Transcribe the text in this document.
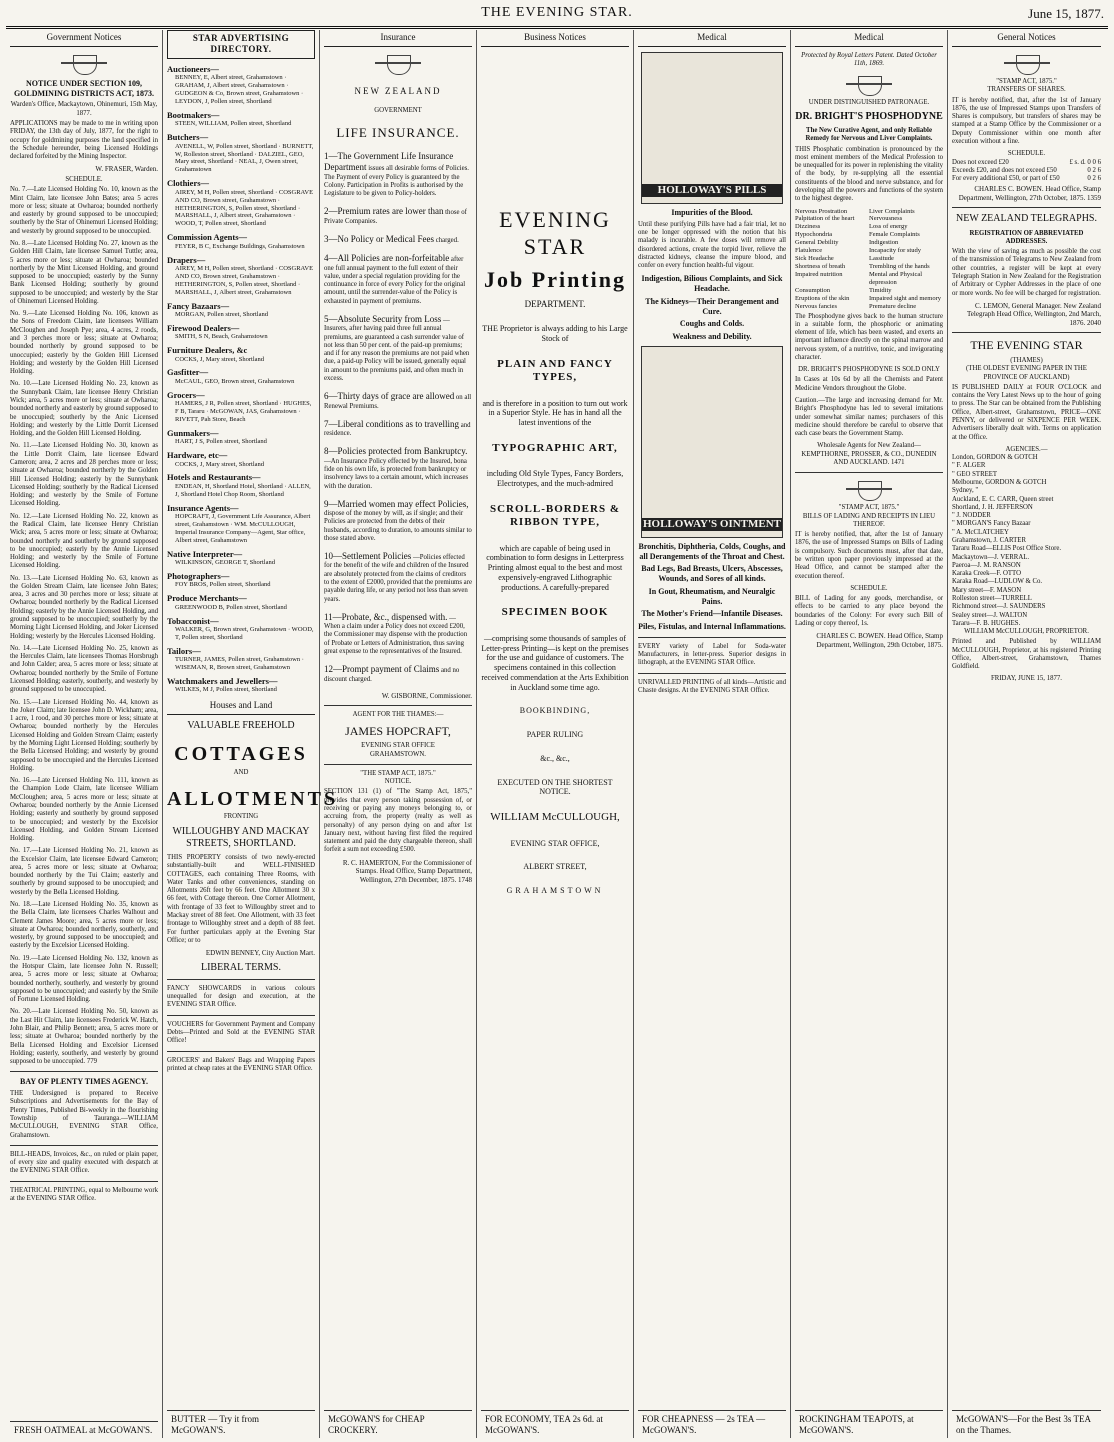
THE EVENING STAR.	June 15, 1877.
Government Notices
NOTICE UNDER SECTION 109, GOLDMINING DISTRICTS ACT, 1873.
Warden's Office, Mackaytown, Ohinemuri, 15th May, 1877.
APPLICATIONS may be made to me in writing upon FRIDAY, the 13th day of July, 1877, for the right to occupy for goldmining purposes the land specified in the Schedule hereunder, being Licensed Holdings declared forfeited by the Mining Inspector.
W. FRASER, Warden.
SCHEDULE.
No. 7.—Late Licensed Holding No. 10, known as the Mint Claim, late licensee John Bates; area 5 acres more or less; situate at Owharoa; bounded northerly and easterly by ground supposed to be unoccupied; southerly by the Star of Ohinemuri Licensed Holding; and westerly by ground supposed to be unoccupied.
No. 8.—Late Licensed Holding No. 27, known as the Golden Hill Claim, late licensee Samuel Tuttle; area, 5 acres more or less; situate at Owharoa; bounded northerly by the Mint Licensed Holding, and ground supposed to be unoccupied; easterly by the Sunny Bank Licensed Holding; southerly by ground supposed to be unoccupied; and westerly by the Star of Ohinemuri Licensed Holding.
No. 9.—Late Licensed Holding No. 106, known as the Sons of Freedom Claim, late licensees William McCloughen and Joseph Pye; area, 4 acres, 2 roods, and 3 perches more or less; situate at Owharoa; bounded northerly by ground supposed to be unoccupied; easterly by the Golden Hill Licensed Holding; and westerly by the Golden Hill Licensed Holding.
No. 10.—Late Licensed Holding No. 23, known as the Sunnybank Claim, late licensee Henry Christian Wick; area, 5 acres more or less; situate at Owharoa; bounded northerly and easterly by ground supposed to be unoccupied; southerly by the Anic Licensed Holding; and westerly by the Little Dorrit Licensed Holding, and the Golden Hill Licensed Holding.
No. 11.—Late Licensed Holding No. 30, known as the Little Dorrit Claim, late licensee Edward Cameron; area, 2 acres and 28 perches more or less; situate at Owharoa; bounded northerly by the Golden Hill Licensed Holding; easterly by the Sunnybank Licensed Holding; southerly by the Radical Licensed Holding; and westerly by the Smile of Fortune Licensed Holding.
No. 12.—Late Licensed Holding No. 22, known as the Radical Claim, late licensee Henry Christian Wick; area, 5 acres more or less; situate at Owharoa; bounded northerly and southerly by ground supposed to be unoccupied; easterly by the Annie Licensed Holding; and westerly by the Smile of Fortune Licensed Holding.
No. 13.—Late Licensed Holding No. 63, known as the Golden Stream Claim, late licensee John Bates; area, 3 acres and 30 perches more or less; situate at Owharoa; bounded northerly by the Radical Licensed Holding; easterly by the Annie Licensed Holding, and ground supposed to be unoccupied; southerly by the Morning Light Licensed Holding, and Joker Licensed Holding; westerly by the Hercules Licensed Holding.
No. 14.—Late Licensed Holding No. 25, known as the Hercules Claim, late licensees Thomas Horsbrugh and John Calder; area, 5 acres more or less; situate at Owharoa; bounded northerly by the Smile of Fortune Licensed Holding; easterly, southerly, and westerly by ground supposed to be unoccupied.
No. 15.—Late Licensed Holding No. 44, known as the Joker Claim; late licensee John D. Wickham; area, 1 acre, 1 rood, and 30 perches more or less; situate at Owharoa; bounded northerly by the Hercules Licensed Holding and Golden Stream Claim; easterly by the Morning Light Licensed Holding; southerly by the Bella Licensed Holding; and westerly by ground supposed to be unoccupied and the Hercules Licensed Holding.
No. 16.—Late Licensed Holding No. 111, known as the Champion Lode Claim, late licensee William McCloughen; area, 5 acres more or less; situate at Owharoa; bounded northerly by the Annie Licensed Holding; easterly and southerly by ground supposed to be unoccupied; and westerly by the Excelsior Licensed Holding, and Golden Stream Licensed Holding.
No. 17.—Late Licensed Holding No. 21, known as the Excelsior Claim, late licensee Edward Cameron; area, 5 acres more or less; situate at Owharoa; bounded northerly by the Tui Claim; easterly and southerly by ground supposed to be unoccupied; and westerly by the Bella Licensed Holding.
No. 18.—Late Licensed Holding No. 35, known as the Bella Claim, late licensees Charles Walhout and Clement James Moore; area, 5 acres more or less; situate at Owharoa; bounded northerly, southerly, and westerly, by ground supposed to be unoccupied; and easterly by the Excelsior Licensed Holding.
No. 19.—Late Licensed Holding No. 132, known as the Hotspur Claim, late licensee John N. Russell; area, 5 acres more or less; situate at Owharoa; bounded northerly, southerly, and westerly by ground supposed to be unoccupied; and easterly by the Smile of Fortune Licensed Holding.
No. 20.—Late Licensed Holding No. 50, known as the Last Hit Claim, late licensees Frederick W. Hatch, John Blair, and Philip Bennett; area, 5 acres more or less; situate at Owharoa; bounded northerly by the Bella Licensed Holding and Excelsior Licensed Holding; easterly, southerly, and westerly by ground supposed to be unoccupied. 779
BAY OF PLENTY TIMES AGENCY.
THE Undersigned is prepared to Receive Subscriptions and Advertisements for the Bay of Plenty Times, Published Bi-weekly in the flourishing Township of Tauranga.—WILLIAM McCULLOUGH, EVENING STAR Office, Grahamstown.
BILL-HEADS, Invoices, &c., on ruled or plain paper, of every size and quality executed with despatch at the EVENING STAR Office.
THEATRICAL PRINTING, equal to Melbourne work at the EVENING STAR Office.
FRESH OATMEAL at McGOWAN'S.
STAR ADVERTISING DIRECTORY.
Auctioneers—
BENNEY, E, Albert street, Grahamstown · GRAHAM, J, Albert street, Grahamstown · GUDGEON & Co, Brown street, Grahamstown · LEYDON, J, Pollen street, Shortland
Bootmakers—
STEEN, WILLIAM, Pollen street, Shortland
Butchers—
AVENELL, W, Pollen street, Shortland · BURNETT, W, Rolleston street, Shortland · DALZIEL, GEO, Mary street, Shortland · NEAL, J, Owen street, Grahamstown
Clothiers—
AIREY, M H, Pollen street, Shortland · COSGRAVE AND CO, Brown street, Grahamstown · HETHERINGTON, S, Pollen street, Shortland · MARSHALL, J, Albert street, Grahamstown · WOOD, T, Pollen street, Shortland
Commission Agents—
FEYER, B C, Exchange Buildings, Grahamstown
Drapers—
AIREY, M H, Pollen street, Shortland · COSGRAVE AND CO, Brown street, Grahamstown · HETHERINGTON, S, Pollen street, Shortland · MARSHALL, J, Albert street, Grahamstown
Fancy Bazaars—
MORGAN, Pollen street, Shortland
Firewood Dealers—
SMITH, S N, Beach, Grahamstown
Furniture Dealers, &c
COCKS, J, Mary street, Shortland
Gasfitter—
McCAUL, GEO, Brown street, Grahamstown
Grocers—
HAMERS, J R, Pollen street, Shortland · HUGHES, F B, Tararu · McGOWAN, JAS, Grahamstown · RIVETT, Pah Store, Beach
Gunmakers—
HART, J S, Pollen street, Shortland
Hardware, etc—
COCKS, J, Mary street, Shortland
Hotels and Restaurants—
ENDEAN, H, Shortland Hotel, Shortland · ALLEN, J, Shortland Hotel Chop Room, Shortland
Insurance Agents—
HOPCRAFT, J, Government Life Assurance, Albert street, Grahamstown · WM. McCULLOUGH, Imperial Insurance Company—Agent, Star office, Albert street, Grahamstown
Native Interpreter—
WILKINSON, GEORGE T, Shortland
Photographers—
FOY BROS, Pollen street, Shortland
Produce Merchants—
GREENWOOD B, Pollen street, Shortland
Tobacconist—
WALKER, G, Brown street, Grahamstown · WOOD, T, Pollen street, Shortland
Tailors—
TURNER, JAMES, Pollen street, Grahamstown · WISEMAN, R, Brown street, Grahamstown
Watchmakers and Jewellers—
WILKES, M J, Pollen street, Shortland
Houses and Land
VALUABLE FREEHOLD
COTTAGES
AND
ALLOTMENTS
FRONTING
WILLOUGHBY AND MACKAY STREETS, SHORTLAND.
THIS PROPERTY consists of two newly-erected substantially-built and WELL-FINISHED COTTAGES, each containing Three Rooms, with Water Tanks and other conveniences, standing on Allotments 26ft feet by 66 feet. One Allotment 30 x 66 feet, with Cottage thereon. One Corner Allotment, with frontage of 33 feet to Willoughby street and to Mackay street of 88 feet. One Allotment, with 33 feet frontage to Willoughby street and a depth of 88 feet. For further particulars apply at the Evening Star Office; or to
EDWIN BENNEY, City Auction Mart.
LIBERAL TERMS.
FANCY SHOWCARDS in various colours unequalled for design and execution, at the EVENING STAR Office.
VOUCHERS for Government Payment and Company Debts—Printed and Sold at the EVENING STAR Office!
GROCERS' and Bakers' Bags and Wrapping Papers printed at cheap rates at the EVENING STAR Office.
BUTTER — Try it from McGOWAN'S.
Insurance
NEW ZEALAND
GOVERNMENT
LIFE INSURANCE.
1—The Government Life Insurance Department issues all desirable forms of Policies. The Payment of every Policy is guaranteed by the Colony. Participation in Profits is authorised by the Legislature to be given to Policy-holders.
2—Premium rates are lower than those of Private Companies.
3—No Policy or Medical Fees charged.
4—All Policies are non-forfeitable after one full annual payment to the full extent of their value, under a special regulation providing for the continuance in force of every Policy for the original amount, until the surrender-value of the Policy is exhausted in payment of premiums.
5—Absolute Security from Loss —Insurers, after having paid three full annual premiums, are guaranteed a cash surrender value of not less than 50 per cent. of the paid-up premiums; and if for any reason the premiums are not paid when due, a paid-up Policy will be issued, generally equal in amount to the premiums paid, and often much in excess.
6—Thirty days of grace are allowed on all Renewal Premiums.
7—Liberal conditions as to travelling and residence.
8—Policies protected from Bankruptcy. —An Insurance Policy effected by the Insured, bona fide on his own life, is protected from bankruptcy or insolvency laws to a certain amount, which increases with the duration.
9—Married women may effect Policies, dispose of the money by will, as if single; and their Policies are protected from the debts of their husbands, according to duration, to amounts similar to those stated above.
10—Settlement Policies —Policies effected for the benefit of the wife and children of the Insured are absolutely protected from the claims of creditors to the extent of £2000, provided that the premiums are payable during life, or any period not less than seven years.
11—Probate, &c., dispensed with. —When a claim under a Policy does not exceed £200, the Commissioner may dispense with the production of Probate or Letters of Administration, thus saving great expense to the representatives of the Insured.
12—Prompt payment of Claims and no discount charged.
W. GISBORNE, Commissioner.
AGENT FOR THE THAMES:—
JAMES HOPCRAFT,
EVENING STAR OFFICE
GRAHAMSTOWN.
"THE STAMP ACT, 1875."
NOTICE.
SECTION 131 (1) of "The Stamp Act, 1875," provides that every person taking possession of, or receiving or paying any moneys belonging to, or accruing from, the property (realty as well as personalty) of any person dying on and after 1st January next, without having first filed the required statement and paid the duty chargeable thereon, shall forfeit a sum not exceeding £500.
R. C. HAMERTON, For the Commissioner of Stamps. Head Office, Stamp Department, Wellington, 27th December, 1875. 1748
McGOWAN'S for CHEAP CROCKERY.
Business Notices
EVENING STAR
Job Printing
DEPARTMENT.
THE Proprietor is always adding to his Large Stock of
PLAIN AND FANCY TYPES,
and is therefore in a position to turn out work in a Superior Style. He has in hand all the latest inventions of the
TYPOGRAPHIC ART,
including Old Style Types, Fancy Borders, Electrotypes, and the much-admired
SCROLL-BORDERS & RIBBON TYPE,
which are capable of being used in combination to form designs in Letterpress Printing almost equal to the best and most expensively-engraved Lithographic productions. A carefully-prepared
SPECIMEN BOOK
—comprising some thousands of samples of Letter-press Printing—is kept on the premises for the use and guidance of customers. The specimens contained in this collection received commendation at the Arts Exhibition in Auckland some time ago.
BOOKBINDING,
PAPER RULING
&c., &c.,
EXECUTED ON THE SHORTEST NOTICE.
WILLIAM McCULLOUGH,
EVENING STAR OFFICE,
ALBERT STREET,
GRAHAMSTOWN
FOR ECONOMY, TEA 2s 6d. at McGOWAN'S.
Medical
HOLLOWAY'S PILLS
Impurities of the Blood.
Until these purifying Pills have had a fair trial, let no one be longer oppressed with the notion that his malady is incurable. A few doses will remove all disordered actions, create the torpid liver, relieve the distracted kidneys, cleanse the impure blood, and confer on every function health-ful vigour.
Indigestion, Bilious Complaints, and Sick Headache.
The Kidneys—Their Derangement and Cure.
Coughs and Colds.
Weakness and Debility.
HOLLOWAY'S OINTMENT
Bronchitis, Diphtheria, Colds, Coughs, and all Derangements of the Throat and Chest.
Bad Legs, Bad Breasts, Ulcers, Abscesses, Wounds, and Sores of all kinds.
In Gout, Rheumatism, and Neuralgic Pains.
The Mother's Friend—Infantile Diseases.
Piles, Fistulas, and Internal Inflammations.
EVERY variety of Label for Soda-water Manufacturers, in letter-press. Superior designs in lithograph, at the EVENING STAR Office.
UNRIVALLED PRINTING of all kinds—Artistic and Chaste designs. At the EVENING STAR Office.
FOR CHEAPNESS — 2s TEA — McGOWAN'S.
Medical
Protected by Royal Letters Patent. Dated October 11th, 1869.
UNDER DISTINGUISHED PATRONAGE.
DR. BRIGHT'S PHOSPHODYNE
The New Curative Agent, and only Reliable Remedy for Nervous and Liver Complaints.
THIS Phosphatic combination is pronounced by the most eminent members of the Medical Profession to be unequalled for its power in replenishing the vitality of the body, by re-supplying all the essential constituents of the blood and nerve substance, and for developing all the powers and functions of the system to the highest degree.
Nervous Prostration	Liver Complaints
Palpitation of the heart	Nervousness
Dizziness	Loss of energy
Hypochondria	Female Complaints
General Debility	Indigestion
Flatulence	Incapacity for study
Sick Headache	Lassitude
Shortness of breath	Trembling of the hands
Impaired nutrition	Mental and Physical depression
Consumption	Timidity
Eruptions of the skin	Impaired sight and memory
Nervous fancies	Premature decline
The Phosphodyne gives back to the human structure in a suitable form, the phosphoric or animating element of life, which has been wasted, and exerts an important influence directly on the spinal marrow and nervous system, of a nutritive, tonic, and invigorating character.
DR. BRIGHT'S PHOSPHODYNE IS SOLD ONLY
In Cases at 10s 6d by all the Chemists and Patent Medicine Vendors throughout the Globe.
Caution.—The large and increasing demand for Mr. Bright's Phosphodyne has led to several imitations under somewhat similar names; purchasers of this medicine should therefore be careful to observe that each case bears the Government Stamp.
Wholesale Agents for New Zealand—KEMPTHORNE, PROSSER, & CO., DUNEDIN AND AUCKLAND. 1471
"STAMP ACT, 1875."
BILLS OF LADING AND RECEIPTS IN LIEU THEREOF.
IT is hereby notified, that, after the 1st of January 1876, the use of Impressed Stamps on Bills of Lading is compulsory. Such documents must, after that date, be written upon paper previously impressed at the Head Office, and cannot be stamped after the execution thereof.
SCHEDULE.
BILL of Lading for any goods, merchandise, or effects to be carried to any place beyond the boundaries of the Colony: For every such Bill of Lading or copy thereof, 1s.
CHARLES C. BOWEN. Head Office, Stamp Department, Wellington, 29th October, 1875.
ROCKINGHAM TEAPOTS, at McGOWAN'S.
General Notices
"STAMP ACT, 1875."
TRANSFERS OF SHARES.
IT is hereby notified, that, after the 1st of January 1876, the use of Impressed Stamps upon Transfers of Shares is compulsory, but transfers of shares may be stamped at a Stamp Office by the Commissioner or a Deputy Commissioner within one month after execution without a fine.
SCHEDULE.
Does not exceed £20	£ s. d. 0 0 6
Exceeds £20, and does not exceed £50	0 2 6
For every additional £50, or part of £50	0 2 6
CHARLES C. BOWEN. Head Office, Stamp Department, Wellington, 27th October, 1875. 1359
NEW ZEALAND TELEGRAPHS.
REGISTRATION OF ABBREVIATED ADDRESSES.
With the view of saving as much as possible the cost of the transmission of Telegrams to New Zealand from other countries, a register will be kept at every Telegraph Station in New Zealand for the Registration of Arbitrary or Cypher Addresses in the place of one or more words. No fee will be charged for registration.
C. LEMON, General Manager. New Zealand Telegraph Head Office, Wellington, 2nd March, 1876. 2040
THE EVENING STAR
(THAMES)
(THE OLDEST EVENING PAPER IN THE PROVINCE OF AUCKLAND)
IS PUBLISHED DAILY at FOUR O'CLOCK and contains the Very Latest News up to the hour of going to press. The Star can be obtained from the Publishing Office, Albert-street, Grahamstown, PRICE—ONE PENNY, or delivered or SIXPENCE PER WEEK. Advertisers liberally dealt with. Terms on application at the Office.
AGENCIES.—
London, GORDON & GOTCH
" F. ALGER
" GEO STREET
Melbourne, GORDON & GOTCH
Sydney, "
Auckland, E. C. CARR, Queen street
Shortland, J. H. JEFFERSON
" J. NODDER
" MORGAN'S Fancy Bazaar
" A. McCLATCHEY
Grahamstown, J. CARTER
Tararu Road—ELLIS Post Office Store.
Mackaytown—J. VERRAL.
Paeroa—J. M. RANSON
Karaka Creek—F. OTTO
Karaka Road—LUDLOW & Co.
Mary street—F. MASON
Rolleston street—TURRELL
Richmond street—J. SAUNDERS
Sealey street—J. WALTON
Tararu—F. B. HUGHES.
WILLIAM McCULLOUGH, PROPRIETOR.
Printed and Published by WILLIAM McCULLOUGH, Proprietor, at his registered Printing Office, Albert-street, Grahamstown, Thames Goldfield.
FRIDAY, JUNE 15, 1877.
McGOWAN'S—For the Best 3s TEA on the Thames.
